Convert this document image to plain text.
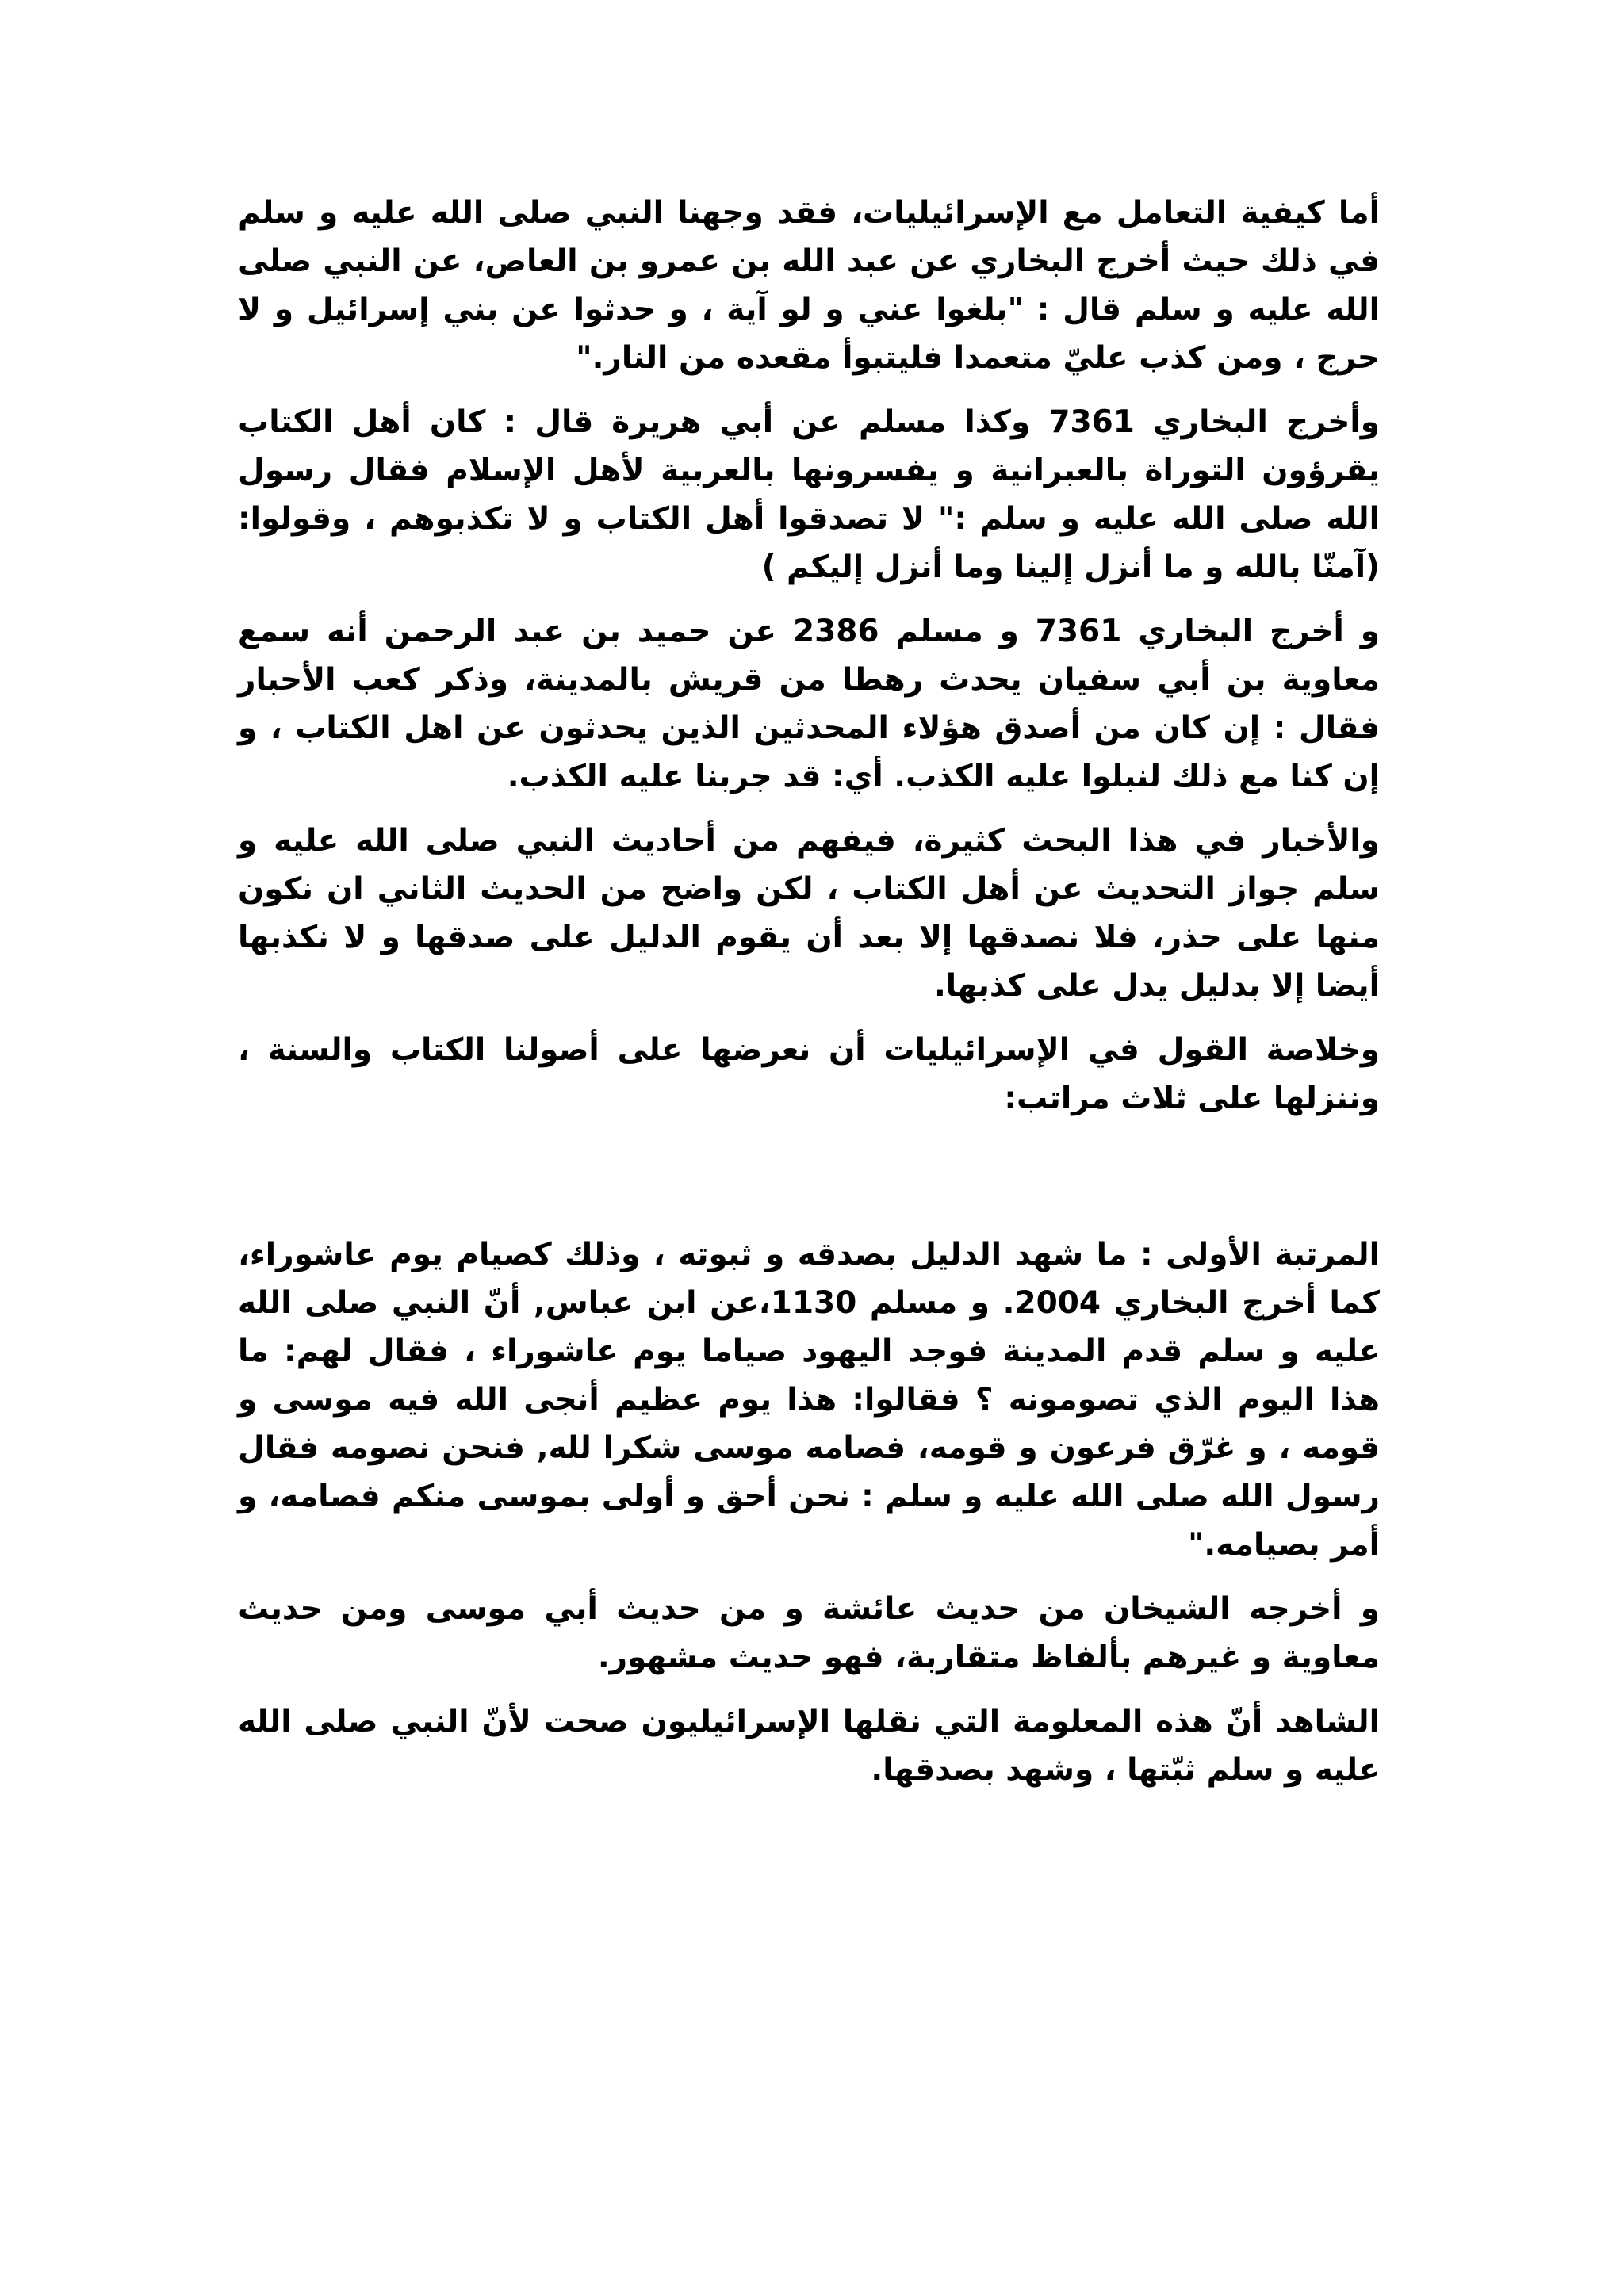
أما كيفية التعامل مع الإسرائيليات، فقد وجهنا النبي صلى الله عليه و سلم في ذلك حيث أخرج البخاري عن عبد الله بن عمرو بن العاص، عن النبي صلى الله عليه و سلم قال : "بلغوا عني و لو آية ، و حدثوا عن بني إسرائيل و لا حرج ، ومن كذب عليّ متعمدا فليتبوأ مقعده من النار."

وأخرج البخاري 7361 وكذا مسلم عن أبي هريرة قال : كان أهل الكتاب يقرؤون التوراة بالعبرانية و يفسرونها بالعربية لأهل الإسلام فقال رسول الله صلى الله عليه و سلم :" لا تصدقوا أهل الكتاب و لا تكذبوهم ، وقولوا: (آمنّا بالله و ما أنزل إلينا وما أنزل إليكم )

و أخرج البخاري 7361 و مسلم 2386 عن حميد بن عبد الرحمن أنه سمع معاوية بن أبي سفيان يحدث رهطا من قريش بالمدينة، وذكر كعب الأحبار فقال : إن كان من أصدق هؤلاء المحدثين الذين يحدثون عن اهل الكتاب ، و إن كنا مع ذلك لنبلوا عليه الكذب. أي: قد جربنا عليه الكذب.

والأخبار في هذا البحث كثيرة، فيفهم من أحاديث النبي صلى الله عليه و سلم جواز التحديث عن أهل الكتاب ، لكن واضح من الحديث الثاني ان نكون منها على حذر، فلا نصدقها إلا بعد أن يقوم الدليل على صدقها و لا نكذبها أيضا إلا بدليل يدل على كذبها.

وخلاصة القول في الإسرائيليات أن نعرضها على أصولنا الكتاب والسنة ، وننزلها على ثلاث مراتب:

المرتبة الأولى : ما شهد الدليل بصدقه و ثبوته ، وذلك كصيام يوم عاشوراء، كما أخرج البخاري 2004. و مسلم 1130،عن ابن عباس, أنّ النبي صلى الله عليه و سلم قدم المدينة فوجد اليهود صياما يوم عاشوراء ، فقال لهم: ما هذا اليوم الذي تصومونه ؟ فقالوا: هذا يوم عظيم أنجى الله فيه موسى و قومه ، و غرّق فرعون و قومه، فصامه موسى شكرا لله, فنحن نصومه فقال رسول الله صلى الله عليه و سلم : نحن أحق و أولى بموسى منكم فصامه، و أمر بصيامه."

و أخرجه الشيخان من حديث عائشة و من حديث أبي موسى ومن حديث معاوية و غيرهم بألفاظ متقاربة، فهو حديث مشهور.

الشاهد أنّ هذه المعلومة التي نقلها الإسرائيليون صحت لأنّ النبي صلى الله عليه و سلم ثبّتها ، وشهد بصدقها.
